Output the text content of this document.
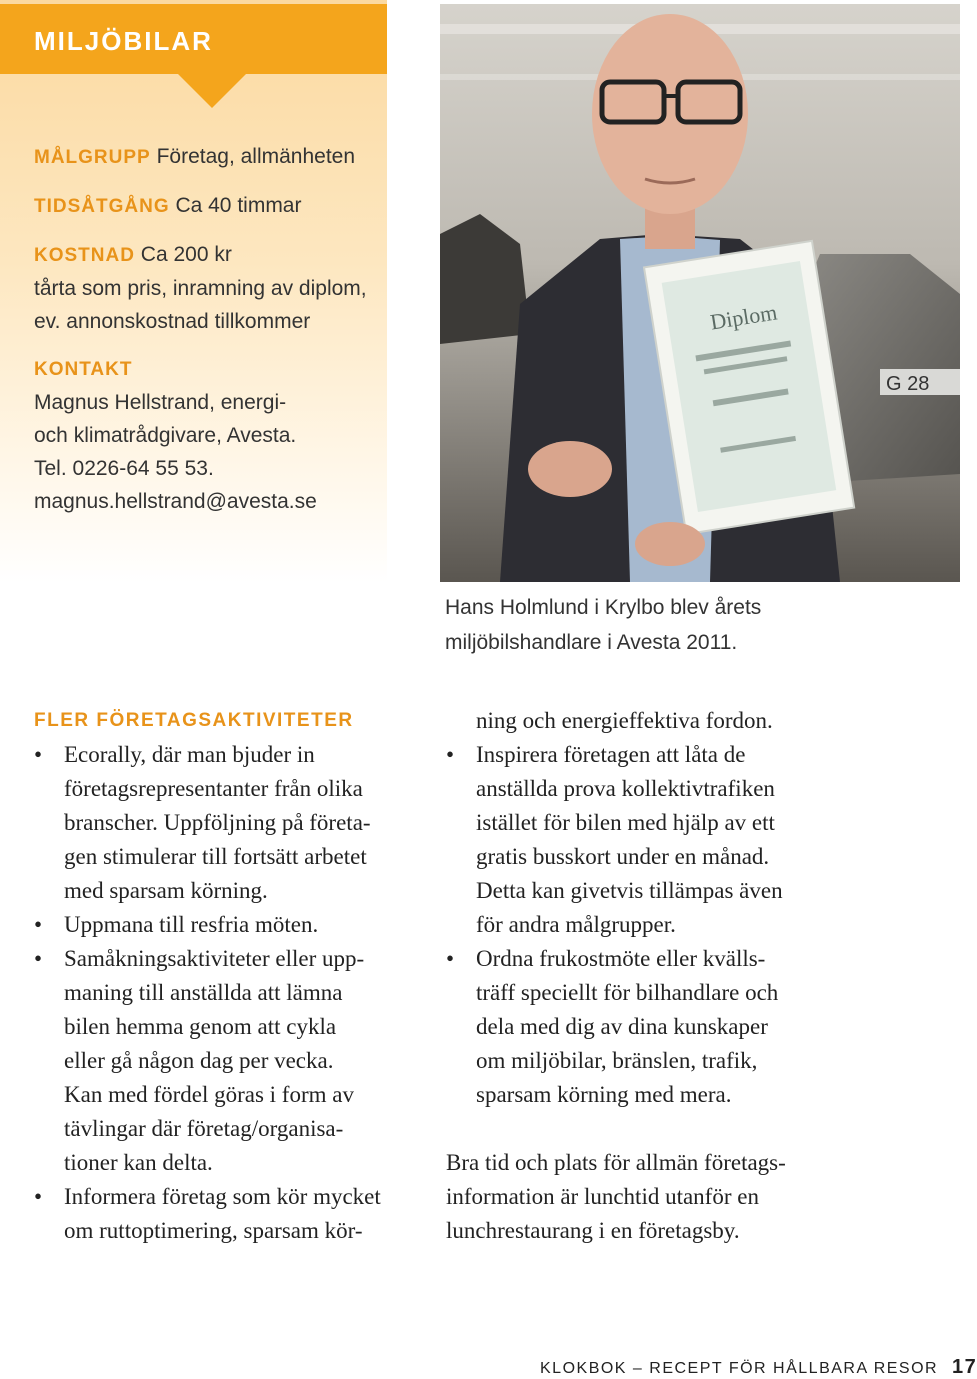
MILJÖBILAR
MÅLGRUPP Företag, allmänheten
TIDSÅTGÅNG Ca 40 timmar
KOSTNAD Ca 200 kr
tårta som pris, inramning av diplom,
ev. annonskostnad tillkommer
KONTAKT
Magnus Hellstrand, energi-
och klimatrådgivare, Avesta.
Tel. 0226-64 55 53.
magnus.hellstrand@avesta.se
G 28
Diplom
Hans Holmlund i Krylbo blev årets
miljöbilshandlare i Avesta 2011.
FLER FÖRETAGSAKTIVITETER
• Ecorally, där man bjuder in
företagsrepresentanter från olika
branscher. Uppföljning på företa-
gen stimulerar till fortsätt arbetet
med sparsam körning.
• Uppmana till resfria möten.
• Samåkningsaktiviteter eller upp-
maning till anställda att lämna
bilen hemma genom att cykla
eller gå någon dag per vecka.
Kan med fördel göras i form av
tävlingar där företag/organisa-
tioner kan delta.
• Informera företag som kör mycket
om ruttoptimering, sparsam kör-
ning och energieffektiva fordon.
• Inspirera företagen att låta de
anställda prova kollektivtrafiken
istället för bilen med hjälp av ett
gratis busskort under en månad.
Detta kan givetvis tillämpas även
för andra målgrupper.
• Ordna frukostmöte eller kvälls-
träff speciellt för bilhandlare och
dela med dig av dina kunskaper
om miljöbilar, bränslen, trafik,
sparsam körning med mera.
Bra tid och plats för allmän företags-
information är lunchtid utanför en
lunchrestaurang i en företagsby.
KLOKBOK – RECEPT FÖR HÅLLBARA RESOR 17
